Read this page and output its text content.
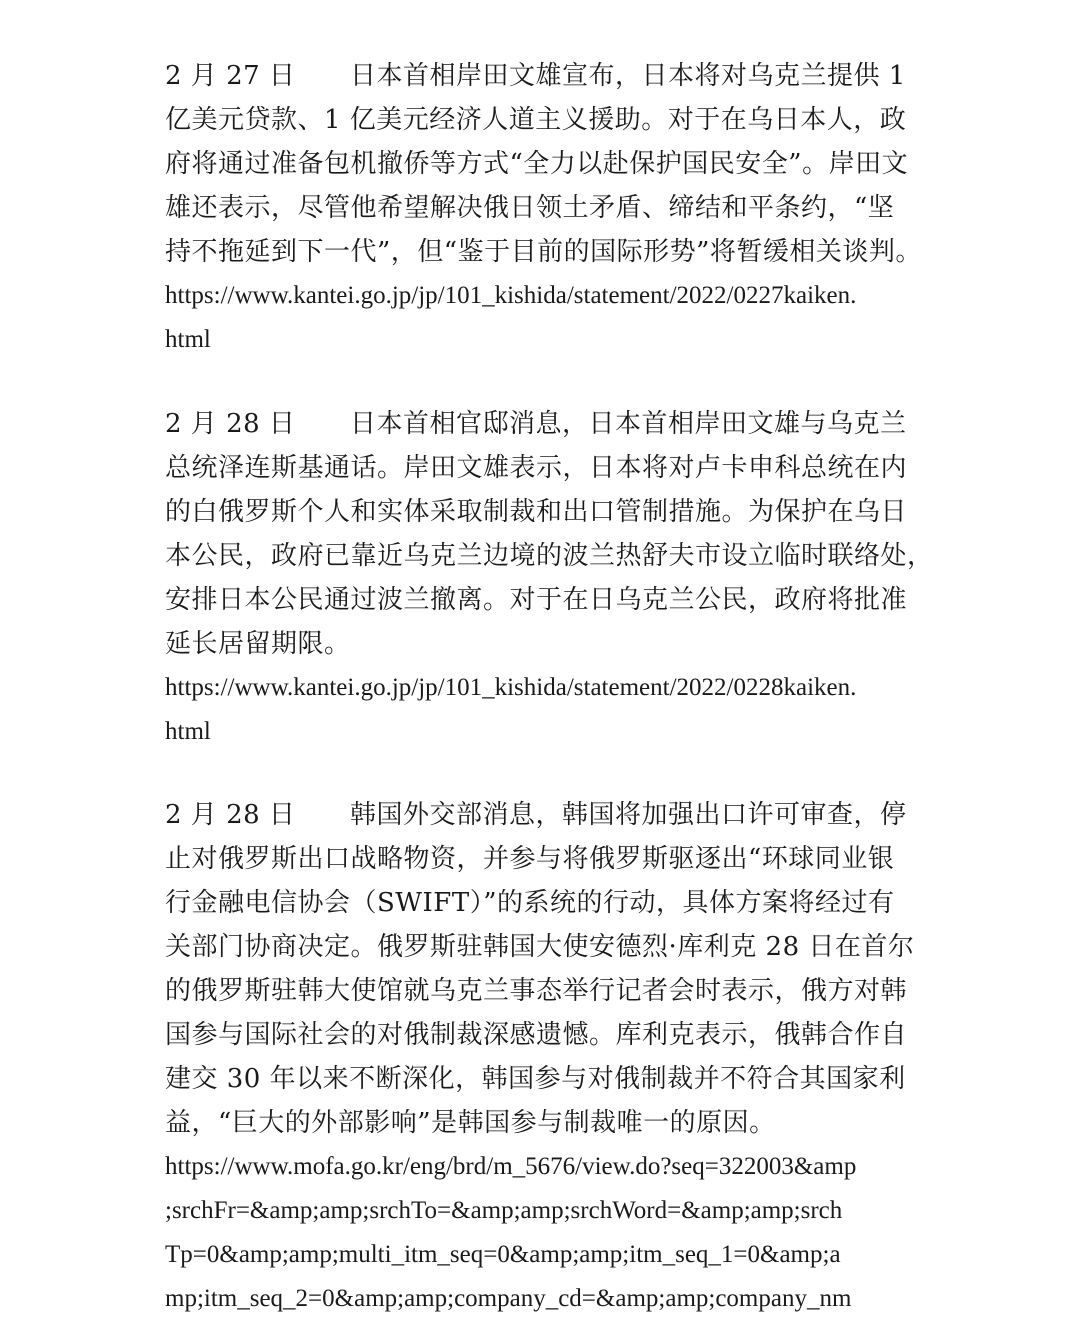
2 月 27 日 日本首相岸田文雄宣布，日本将对乌克兰提供 1
亿美元贷款、1 亿美元经济人道主义援助。对于在乌日本人，政
府将通过准备包机撤侨等方式“全力以赴保护国民安全”。岸田文
雄还表示，尽管他希望解决俄日领土矛盾、缔结和平条约，“坚
持不拖延到下一代”，但“鉴于目前的国际形势”将暂缓相关谈判。
https://www.kantei.go.jp/jp/101_kishida/statement/2022/0227kaiken.
html
2 月 28 日 日本首相官邸消息，日本首相岸田文雄与乌克兰
总统泽连斯基通话。岸田文雄表示，日本将对卢卡申科总统在内
的白俄罗斯个人和实体采取制裁和出口管制措施。为保护在乌日
本公民，政府已靠近乌克兰边境的波兰热舒夫市设立临时联络处，
安排日本公民通过波兰撤离。对于在日乌克兰公民，政府将批准
延长居留期限。
https://www.kantei.go.jp/jp/101_kishida/statement/2022/0228kaiken.
html
2 月 28 日 韩国外交部消息，韩国将加强出口许可审查，停
止对俄罗斯出口战略物资，并参与将俄罗斯驱逐出“环球同业银
行金融电信协会（SWIFT）”的系统的行动，具体方案将经过有
关部门协商决定。俄罗斯驻韩国大使安德烈·库利克 28 日在首尔
的俄罗斯驻韩大使馆就乌克兰事态举行记者会时表示，俄方对韩
国参与国际社会的对俄制裁深感遗憾。库利克表示，俄韩合作自
建交 30 年以来不断深化，韩国参与对俄制裁并不符合其国家利
益，“巨大的外部影响”是韩国参与制裁唯一的原因。
https://www.mofa.go.kr/eng/brd/m_5676/view.do?seq=322003&amp
;srchFr=&amp;amp;srchTo=&amp;amp;srchWord=&amp;amp;srch
Tp=0&amp;amp;multi_itm_seq=0&amp;amp;itm_seq_1=0&amp;a
mp;itm_seq_2=0&amp;amp;company_cd=&amp;amp;company_nm
